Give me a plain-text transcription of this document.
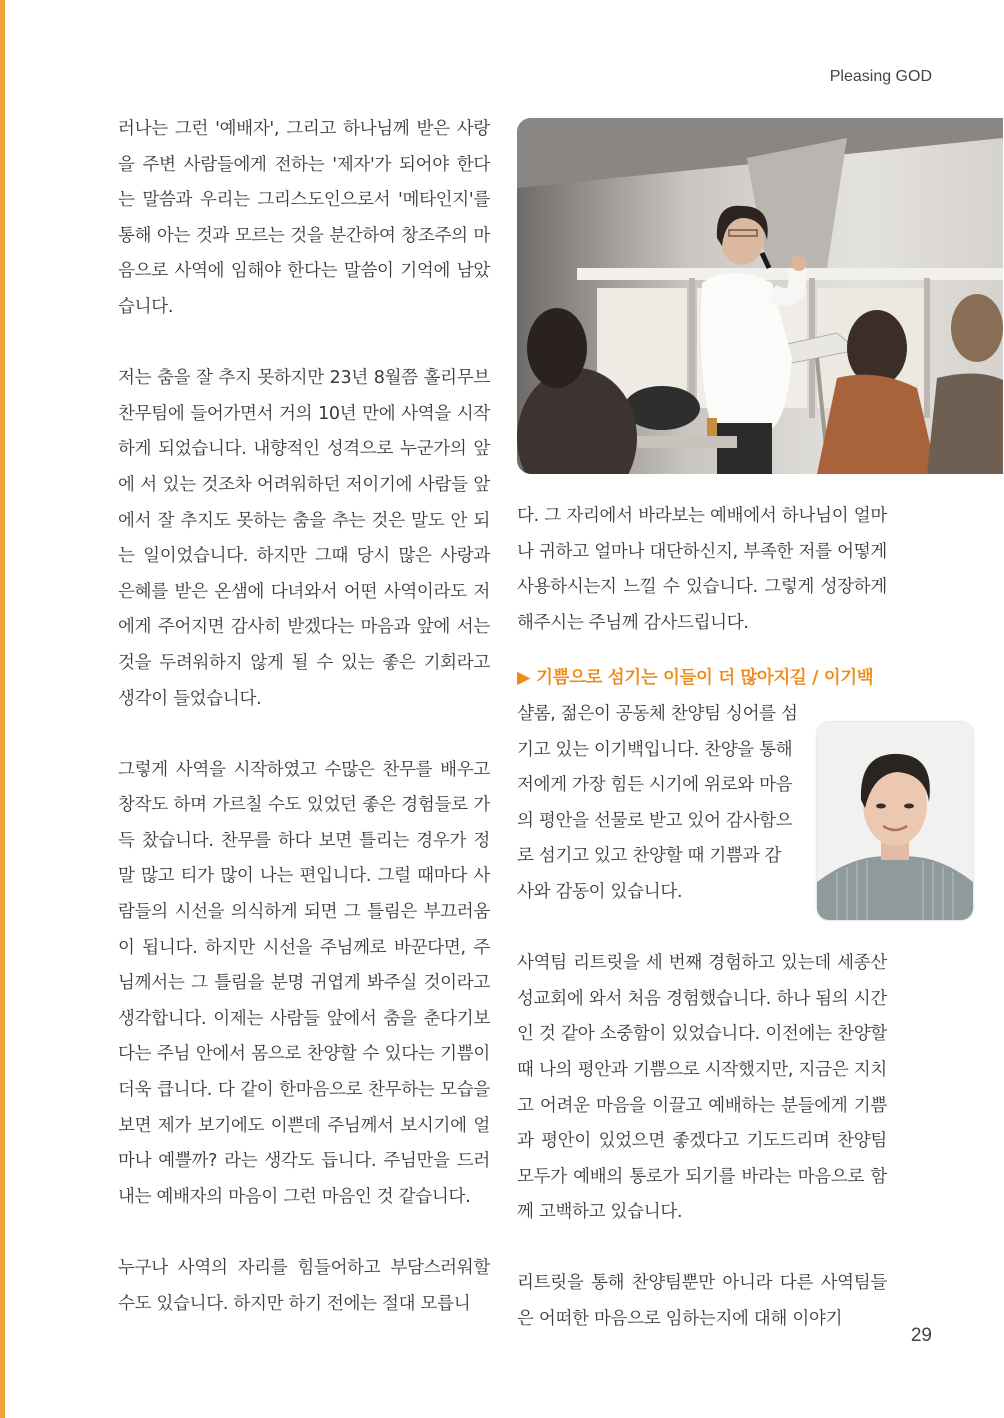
Pleasing GOD

러나는 그런 '예배자', 그리고 하나님께 받은 사랑을 주변 사람들에게 전하는 '제자'가 되어야 한다는 말씀과 우리는 그리스도인으로서 '메타인지'를 통해 아는 것과 모르는 것을 분간하여 창조주의 마음으로 사역에 임해야 한다는 말씀이 기억에 남았습니다.

저는 춤을 잘 추지 못하지만 23년 8월쯤 홀리무브 찬무팀에 들어가면서 거의 10년 만에 사역을 시작하게 되었습니다. 내향적인 성격으로 누군가의 앞에 서 있는 것조차 어려워하던 저이기에 사람들 앞에서 잘 추지도 못하는 춤을 추는 것은 말도 안 되는 일이었습니다. 하지만 그때 당시 많은 사랑과 은혜를 받은 온샘에 다녀와서 어떤 사역이라도 저에게 주어지면 감사히 받겠다는 마음과 앞에 서는 것을 두려워하지 않게 될 수 있는 좋은 기회라고 생각이 들었습니다.

그렇게 사역을 시작하였고 수많은 찬무를 배우고 창작도 하며 가르칠 수도 있었던 좋은 경험들로 가득 찼습니다. 찬무를 하다 보면 틀리는 경우가 정말 많고 티가 많이 나는 편입니다. 그럴 때마다 사람들의 시선을 의식하게 되면 그 틀림은 부끄러움이 됩니다. 하지만 시선을 주님께로 바꾼다면, 주님께서는 그 틀림을 분명 귀엽게 봐주실 것이라고 생각합니다. 이제는 사람들 앞에서 춤을 춘다기보다는 주님 안에서 몸으로 찬양할 수 있다는 기쁨이 더욱 큽니다. 다 같이 한마음으로 찬무하는 모습을 보면 제가 보기에도 이쁜데 주님께서 보시기에 얼마나 예쁠까? 라는 생각도 듭니다. 주님만을 드러내는 예배자의 마음이 그런 마음인 것 같습니다.

누구나 사역의 자리를 힘들어하고 부담스러워할 수도 있습니다. 하지만 하기 전에는 절대 모릅니

다. 그 자리에서 바라보는 예배에서 하나님이 얼마나 귀하고 얼마나 대단하신지, 부족한 저를 어떻게 사용하시는지 느낄 수 있습니다. 그렇게 성장하게 해주시는 주님께 감사드립니다.

▶ 기쁨으로 섬기는 이들이 더 많아지길 / 이기백

샬롬, 젊은이 공동체 찬양팀 싱어를 섬
기고 있는 이기백입니다. 찬양을 통해
저에게 가장 힘든 시기에 위로와 마음
의 평안을 선물로 받고 있어 감사함으
로 섬기고 있고 찬양할 때 기쁨과 감
사와 감동이 있습니다.

사역팀 리트릿을 세 번째 경험하고 있는데 세종산성교회에 와서 처음 경험했습니다. 하나 됨의 시간인 것 같아 소중함이 있었습니다. 이전에는 찬양할 때 나의 평안과 기쁨으로 시작했지만, 지금은 지치고 어려운 마음을 이끌고 예배하는 분들에게 기쁨과 평안이 있었으면 좋겠다고 기도드리며 찬양팀 모두가 예배의 통로가 되기를 바라는 마음으로 함께 고백하고 있습니다.

리트릿을 통해 찬양팀뿐만 아니라 다른 사역팀들은 어떠한 마음으로 임하는지에 대해 이야기

29
